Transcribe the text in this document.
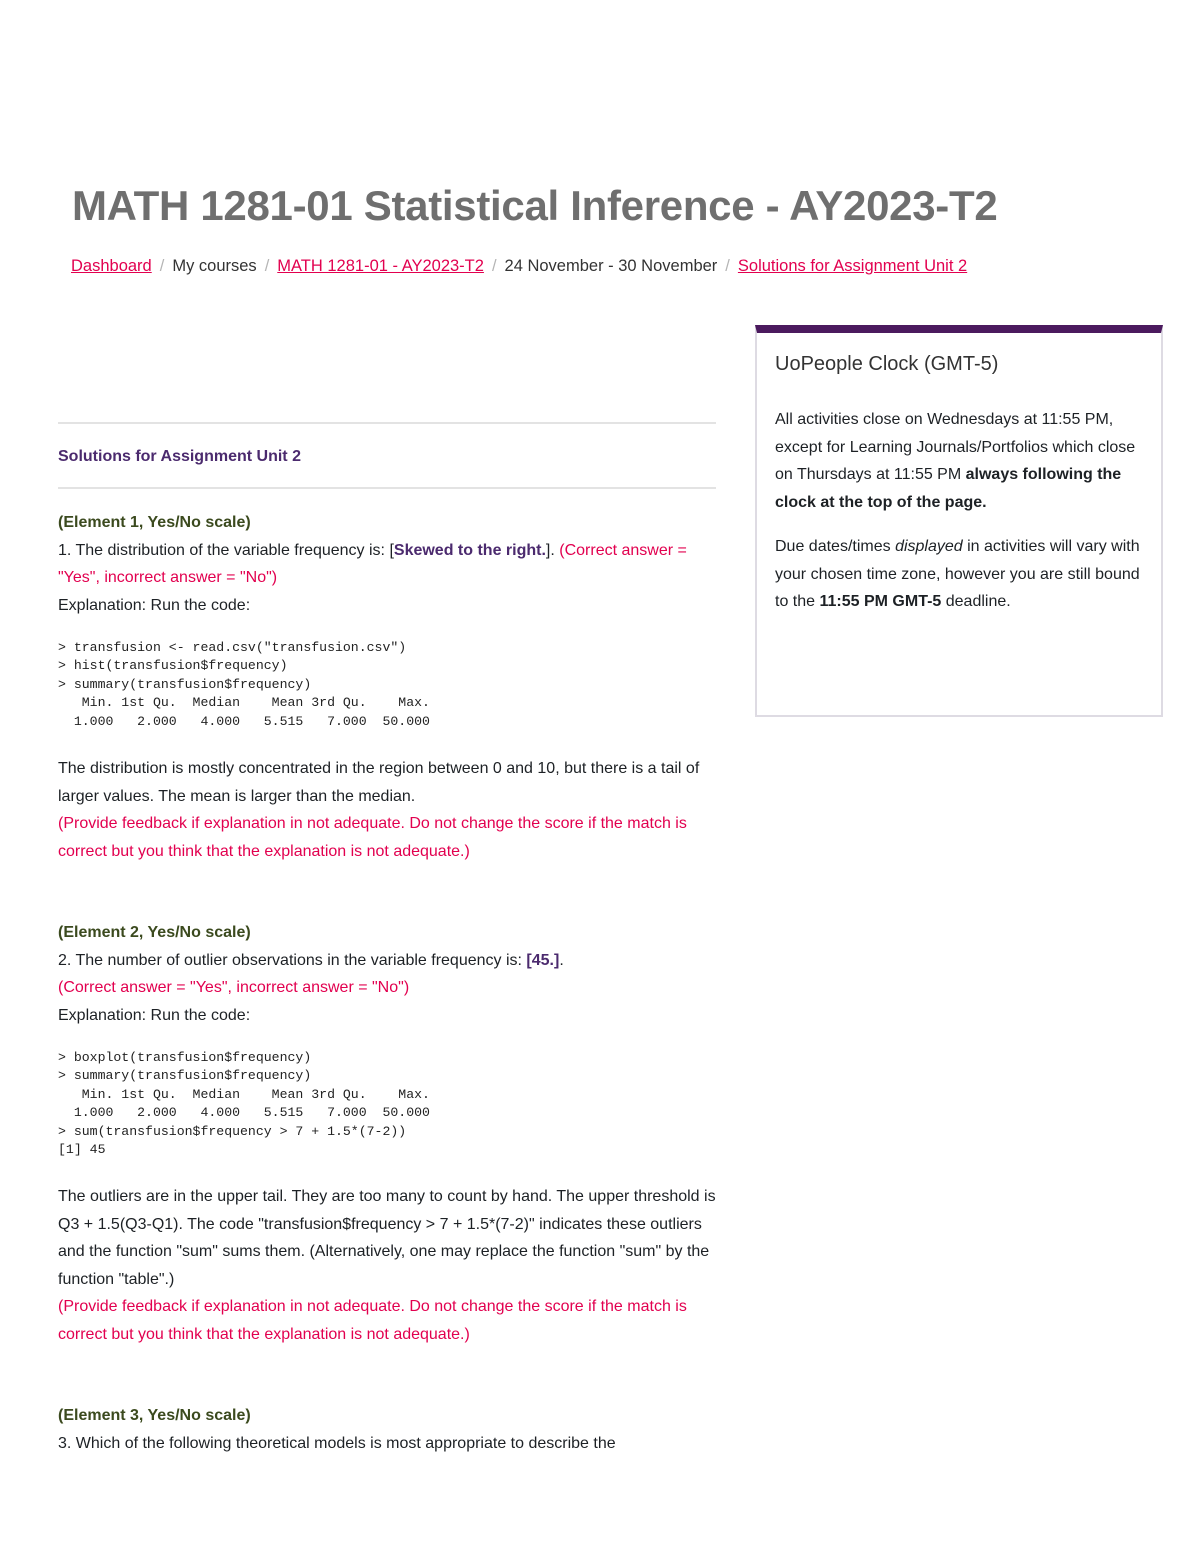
MATH 1281-01 Statistical Inference - AY2023-T2
Dashboard / My courses / MATH 1281-01 - AY2023-T2 / 24 November - 30 November / Solutions for Assignment Unit 2
Solutions for Assignment Unit 2

(Element 1, Yes/No scale)

1. The distribution of the variable frequency is: [Skewed to the right.]. (Correct answer = "Yes", incorrect answer = "No")

Explanation: Run the code:

> transfusion <- read.csv("transfusion.csv")
> hist(transfusion$frequency)
> summary(transfusion$frequency)
Min. 1st Qu.  Median    Mean 3rd Qu.    Max.
1.000   2.000   4.000   5.515   7.000  50.000

The distribution is mostly concentrated in the region between 0 and 10, but there is a tail of larger values. The mean is larger than the median.

(Provide feedback if explanation in not adequate. Do not change the score if the match is correct but you think that the explanation is not adequate.)

(Element 2, Yes/No scale)

2. The number of outlier observations in the variable frequency is: [45.].

(Correct answer = "Yes", incorrect answer = "No")

Explanation: Run the code:

> boxplot(transfusion$frequency)
> summary(transfusion$frequency)
Min. 1st Qu.  Median    Mean 3rd Qu.    Max.
1.000   2.000   4.000   5.515   7.000  50.000
> sum(transfusion$frequency > 7 + 1.5*(7-2))
[1] 45

The outliers are in the upper tail. They are too many to count by hand. The upper threshold is Q3 + 1.5(Q3-Q1). The code "transfusion$frequency > 7 + 1.5*(7-2)" indicates these outliers and the function "sum" sums them. (Alternatively, one may replace the function "sum" by the function "table".)

(Provide feedback if explanation in not adequate. Do not change the score if the match is correct but you think that the explanation is not adequate.)

(Element 3, Yes/No scale)

3. Which of the following theoretical models is most appropriate to describe the

UoPeople Clock (GMT-5)

All activities close on Wednesdays at 11:55 PM, except for Learning Journals/Portfolios which close on Thursdays at 11:55 PM always following the clock at the top of the page.

Due dates/times displayed in activities will vary with your chosen time zone, however you are still bound to the 11:55 PM GMT-5 deadline.
